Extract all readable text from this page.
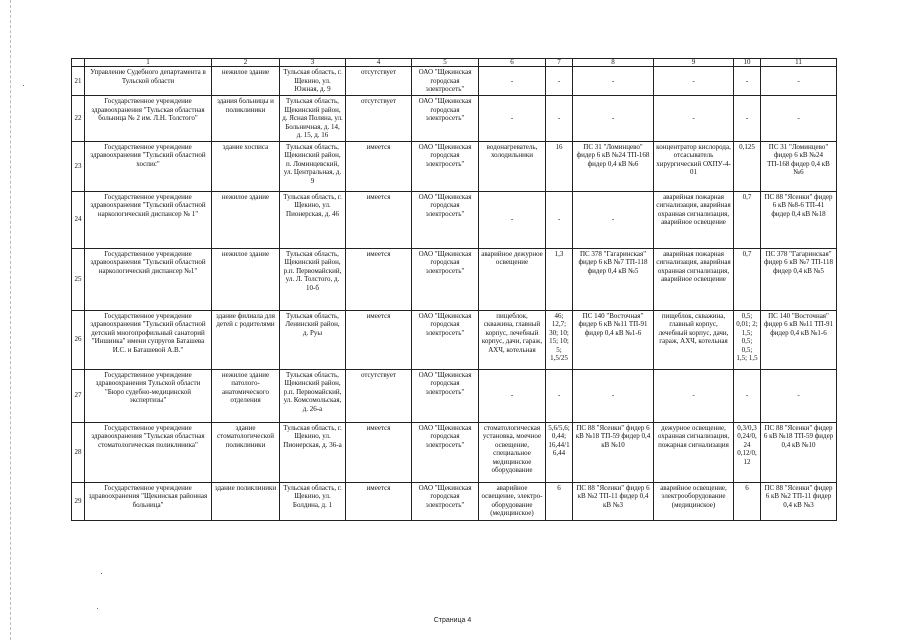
	1	2	3	4	5	6	7	8	9	10	11
21	Управление Судебного департамента в Тульской области	нежилое здание	Тульская область, г. Щекино, ул. Южная, д. 9	отсутствует	ОАО "Щекинская городская электросеть"	-	-	-	-	-	-
22	Государственное учреждение здравоохранения "Тульская областная больница № 2 им. Л.Н. Толстого"	здания больницы и поликлиники	Тульская область, Щекинский район, д. Ясная Поляна, ул. Больничная, д. 14, д. 15, д. 16	отсутствует	ОАО "Щекинская городская электросеть"	-	-	-	-	-	-
23	Государственное учреждение здравоохранения "Тульский областной хоспис"	здание хосписа	Тульская область, Щекинский район, п. Ломинцевский, ул. Центральная, д. 9	имеется	ОАО "Щекинская городская электросеть"	водонагреватель, холодильники	16	ПС 31 "Ломинцево" фидер 6 кВ №24 ТП-168 фидер 0,4 кВ №6	концентратор кислорода, отсасыватель хирургический ОХПУ-4-01	0,125	ПС 31 "Ломинцево" фидер 6 кВ №24 ТП-168 фидер 0,4 кВ №6
24	Государственное учреждение здравоохранения "Тульский областной наркологический диспансер № 1"	нежилое здание	Тульская область, г. Щекино, ул. Пионерская, д. 46	имеется	ОАО "Щекинская городская электросеть"	-	-	-	аварийная пожарная сигнализация, аварийная охранная сигнализация, аварийное освещение	0,7	ПС 88 "Ясенки" фидер 6 кВ №8-6 ТП-41 фидер 0,4 кВ №18
25	Государственное учреждение здравоохранения "Тульский областной наркологический диспансер №1"	нежилое здание	Тульская область, Щекинский район, р.п. Первомайский, ул. Л. Толстого, д. 10-б	имеется	ОАО "Щекинская городская электросеть"	аварийное дежурное освещение	1,3	ПС 378 "Гагаринская" фидер 6 кВ №7 ТП-118 фидер 0,4 кВ №5	аварийная пожарная сигнализация, аварийная охранная сигнализация, аварийное освещение	0,7	ПС 378 "Гагаринская" фидер 6 кВ №7 ТП-118 фидер 0,4 кВ №5
26	Государственное учреждение здравоохранения "Тульский областной детский многопрофильный санаторий "Иншинка" имени супругов Баташева И.С. и Баташевой А.В."	здание филиала для детей с родителями	Тульская область, Ленинский район, д. Руы	имеется	ОАО "Щекинская городская электросеть"	пищеблок, скважина, главный корпус, лечебный корпус, дачи, гараж, АХЧ, котельная	46; 12,7; 30; 10; 15; 10; 5; 1,5/25	ПС 140 "Восточная" фидер 6 кВ №11 ТП-91 фидер 0,4 кВ №1-6	пищеблок, скважина, главный корпус, лечебный корпус, дачи, гараж, АХЧ, котельная	0,5; 0,01; 2; 1,5; 0,5; 0,5; 1,5; 1,5	ПС 140 "Восточная" фидер 6 кВ №11 ТП-91 фидер 0,4 кВ №1-6
27	Государственное учреждение здравоохранения Тульской области "Бюро судебно-медицинской экспертизы"	нежилое здание патолого-анатомического отделения	Тульская область, Щекинский район, р.п. Первомайский, ул. Комсомольская, д. 26-а	отсутствует	ОАО "Щекинская городская электросеть"	-	-	-	-	-	-
28	Государственное учреждение здравоохранения "Тульская областная стоматологическая поликлиника"	здание стоматологической поликлиники	Тульская область, г. Щекино, ул. Пионерская, д. 36-а	имеется	ОАО "Щекинская городская электросеть"	стоматологическая установка, моечное освещение, специальное медицинское оборудование	5,6/5,6; 0,44; 16,44/16,44	ПС 88 "Ясенки" фидер 6 кВ №18 ТП-59 фидер 0,4 кВ №10	дежурное освещение, охранная сигнализация, пожарная сигнализация	0,3/0,3 0,24/0,24 0,12/0,12	ПС 88 "Ясенки" фидер 6 кВ №18 ТП-59 фидер 0,4 кВ №10
29	Государственное учреждение здравоохранения "Щекинская районная больница"	здание поликлиники	Тульская область, г. Щекино, ул. Болдина, д. 1	имеется	ОАО "Щекинская городская электросеть"	аварийное освещение, электро-оборудование (медицинское)	6	ПС 88 "Ясенки" фидер 6 кВ №2 ТП-11 фидер 0,4 кВ №3	аварийное освещение, электрооборудование (медицинское)	6	ПС 88 "Ясенки" фидер 6 кВ №2 ТП-11 фидер 0,4 кВ №3
Страница 4
